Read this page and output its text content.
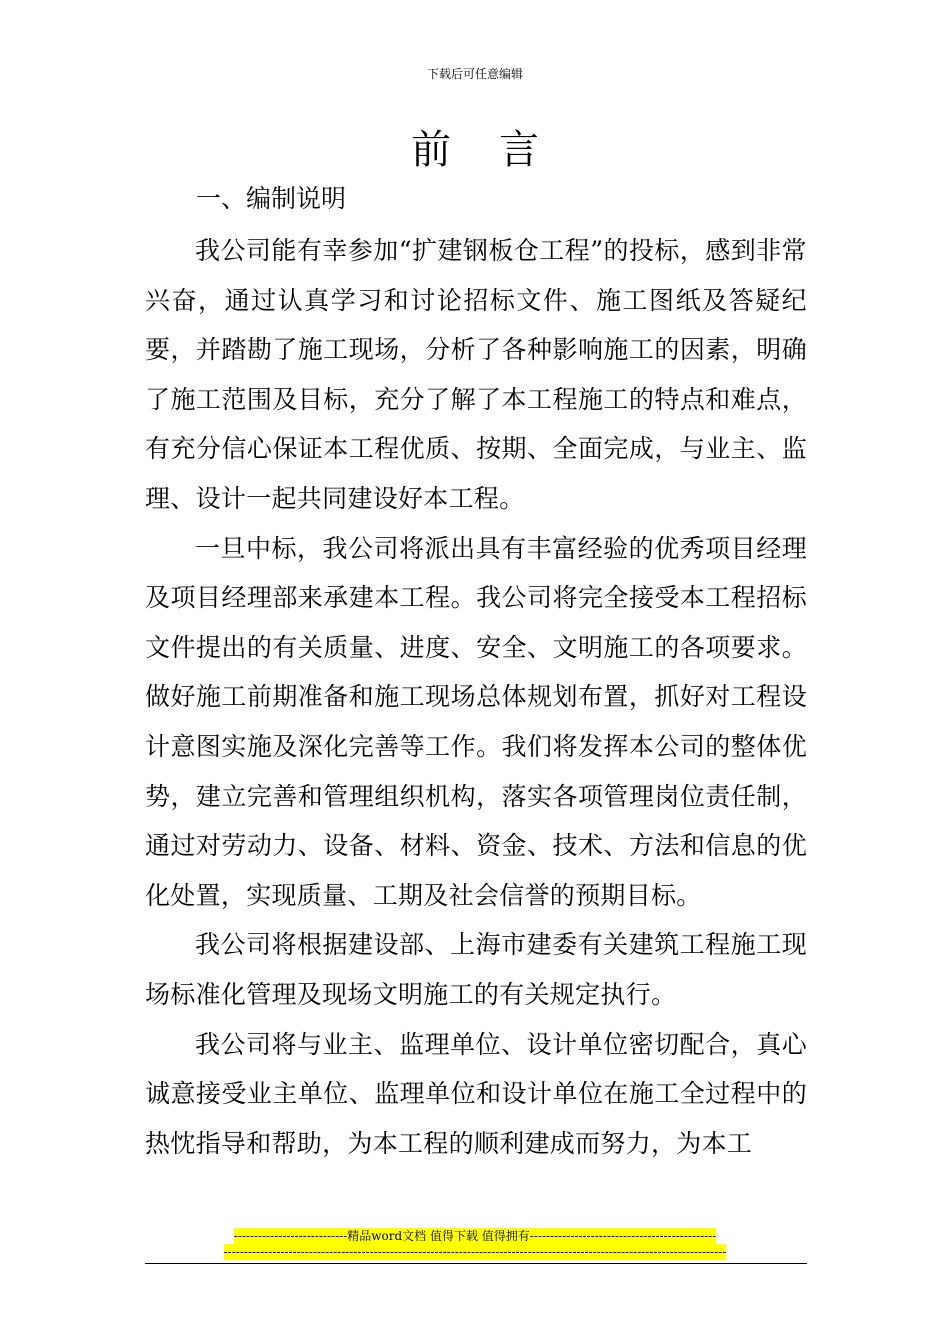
下载后可任意编辑
前言
一、编制说明

我公司能有幸参加“扩建钢板仓工程”的投标，感到非常兴奋，通过认真学习和讨论招标文件、施工图纸及答疑纪要，并踏勘了施工现场，分析了各种影响施工的因素，明确了施工范围及目标，充分了解了本工程施工的特点和难点，有充分信心保证本工程优质、按期、全面完成，与业主、监理、设计一起共同建设好本工程。

一旦中标，我公司将派出具有丰富经验的优秀项目经理及项目经理部来承建本工程。我公司将完全接受本工程招标文件提出的有关质量、进度、安全、文明施工的各项要求。做好施工前期准备和施工现场总体规划布置，抓好对工程设计意图实施及深化完善等工作。我们将发挥本公司的整体优势，建立完善和管理组织机构，落实各项管理岗位责任制，通过对劳动力、设备、材料、资金、技术、方法和信息的优化处置，实现质量、工期及社会信誉的预期目标。

我公司将根据建设部、上海市建委有关建筑工程施工现场标准化管理及现场文明施工的有关规定执行。

我公司将与业主、监理单位、设计单位密切配合，真心诚意接受业主单位、监理单位和设计单位在施工全过程中的热忱指导和帮助，为本工程的顺利建成而努力，为本工

----------------------------精品word文档 值得下载 值得拥有----------------------------------------------
----------------------------------------------------------------------------------------------------------------------------
